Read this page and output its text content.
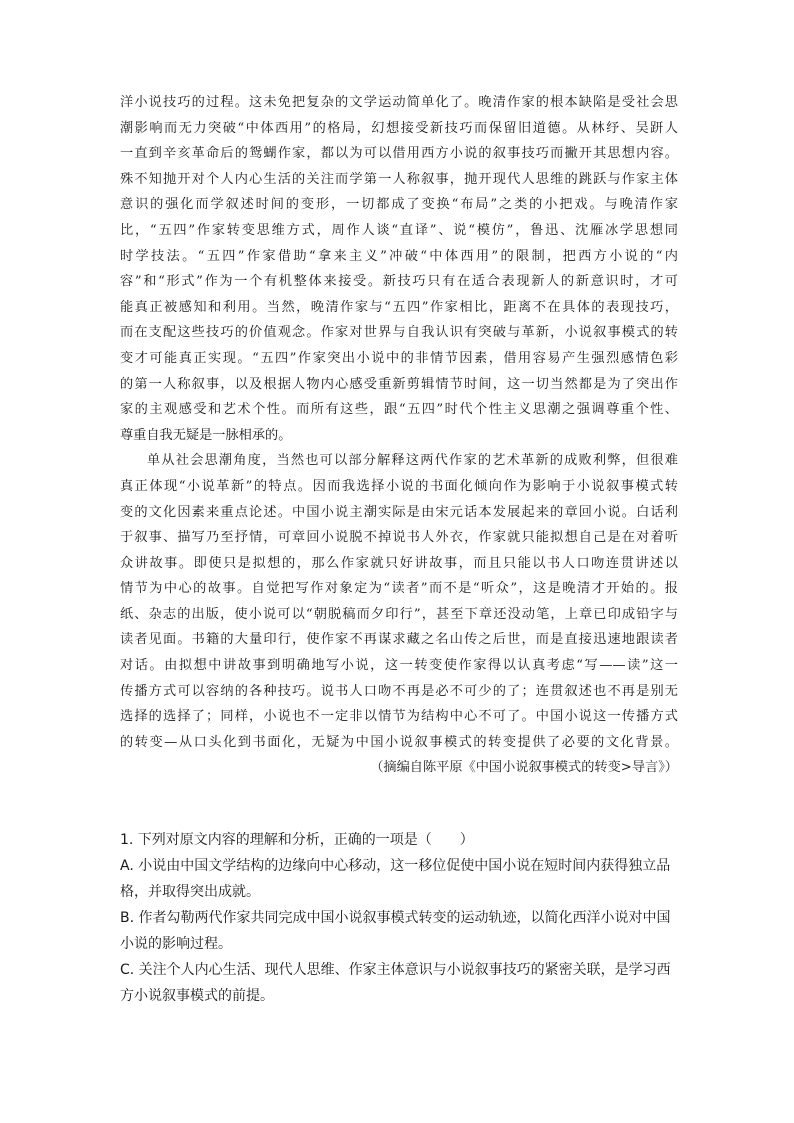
洋小说技巧的过程。这未免把复杂的文学运动简单化了。晚清作家的根本缺陷是受社会思
潮影响而无力突破“中体西用”的格局，幻想接受新技巧而保留旧道德。从林纾、吴趼人
一直到辛亥革命后的鸳蝴作家，都以为可以借用西方小说的叙事技巧而撇开其思想内容。
殊不知抛开对个人内心生活的关注而学第一人称叙事，抛开现代人思维的跳跃与作家主体
意识的强化而学叙述时间的变形，一切都成了变换“布局”之类的小把戏。与晚清作家
比，“五四”作家转变思维方式，周作人谈“直译”、说“模仿”，鲁迅、沈雁冰学思想同
时学技法。“五四”作家借助“拿来主义”冲破“中体西用”的限制，把西方小说的“内
容”和“形式”作为一个有机整体来接受。新技巧只有在适合表现新人的新意识时，才可
能真正被感知和利用。当然，晚清作家与“五四”作家相比，距离不在具体的表现技巧，
而在支配这些技巧的价值观念。作家对世界与自我认识有突破与革新，小说叙事模式的转
变才可能真正实现。“五四”作家突出小说中的非情节因素，借用容易产生强烈感情色彩
的第一人称叙事，以及根据人物内心感受重新剪辑情节时间，这一切当然都是为了突出作
家的主观感受和艺术个性。而所有这些，跟“五四”时代个性主义思潮之强调尊重个性、
尊重自我无疑是一脉相承的。
单从社会思潮角度，当然也可以部分解释这两代作家的艺术革新的成败利弊，但很难
真正体现“小说革新”的特点。因而我选择小说的书面化倾向作为影响于小说叙事模式转
变的文化因素来重点论述。中国小说主潮实际是由宋元话本发展起来的章回小说。白话利
于叙事、描写乃至抒情，可章回小说脱不掉说书人外衣，作家就只能拟想自己是在对着听
众讲故事。即使只是拟想的，那么作家就只好讲故事，而且只能以书人口吻连贯讲述以
情节为中心的故事。自觉把写作对象定为“读者”而不是“听众”，这是晚清才开始的。报
纸、杂志的出版，使小说可以“朝脱稿而夕印行”，甚至下章还没动笔，上章已印成铅字与
读者见面。书籍的大量印行，使作家不再谋求藏之名山传之后世，而是直接迅速地跟读者
对话。由拟想中讲故事到明确地写小说，这一转变使作家得以认真考虑“写——读”这一
传播方式可以容纳的各种技巧。说书人口吻不再是必不可少的了；连贯叙述也不再是别无
选择的选择了；同样，小说也不一定非以情节为结构中心不可了。中国小说这一传播方式
的转变—从口头化到书面化，无疑为中国小说叙事模式的转变提供了必要的文化背景。
（摘编自陈平原《中国小说叙事模式的转变>导言》）
1. 下列对原文内容的理解和分析，正确的一项是（　　）
A. 小说由中国文学结构的边缘向中心移动，这一移位促使中国小说在短时间内获得独立品
格，并取得突出成就。
B. 作者勾勒两代作家共同完成中国小说叙事模式转变的运动轨迹，以简化西洋小说对中国
小说的影响过程。
C. 关注个人内心生活、现代人思维、作家主体意识与小说叙事技巧的紧密关联，是学习西
方小说叙事模式的前提。
